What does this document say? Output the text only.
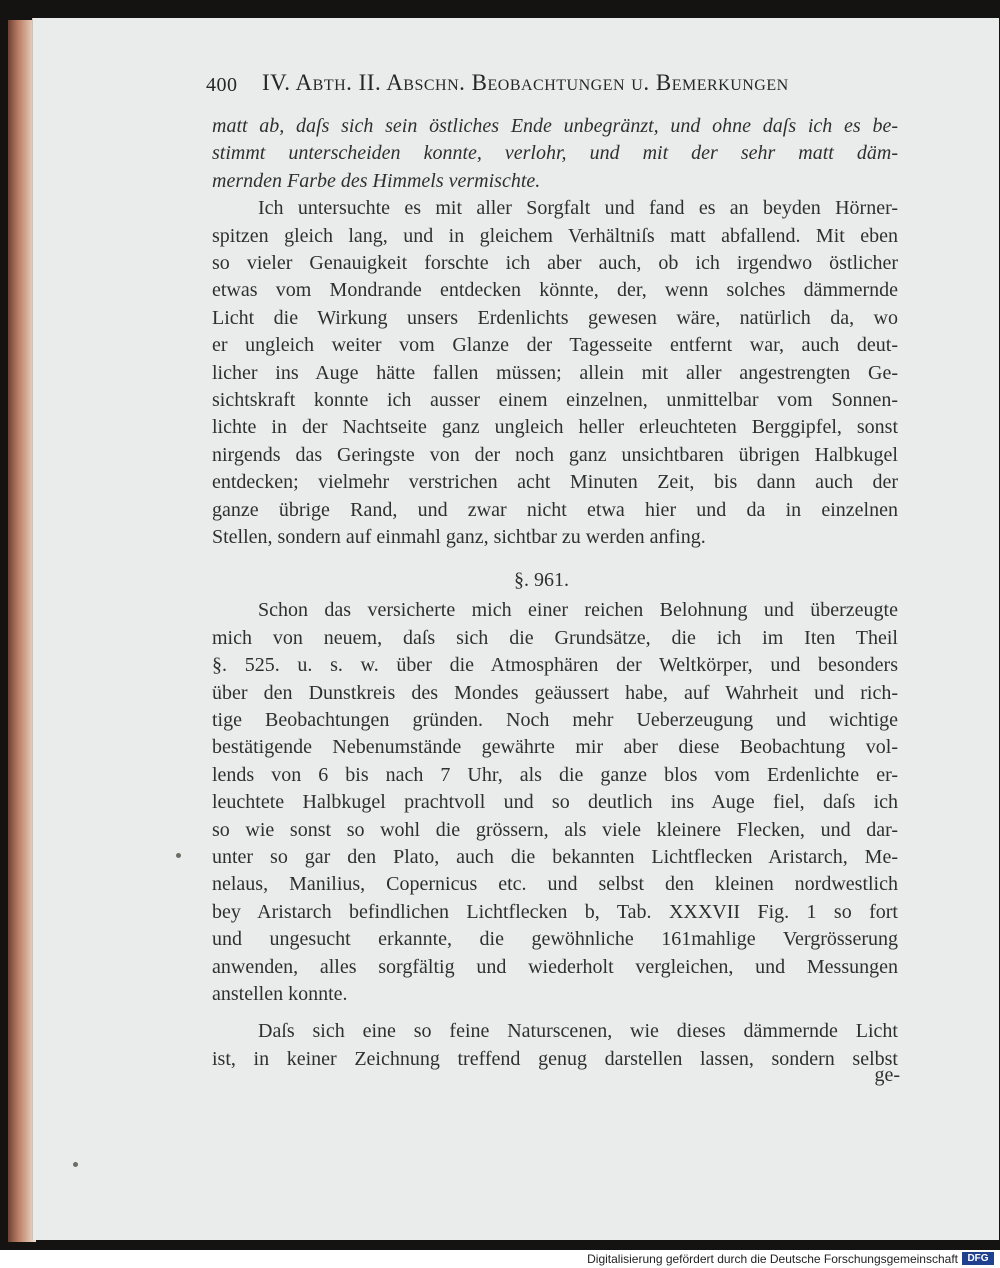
400 IV. Abth. II. Abschn. Beobachtungen u. Bemerkungen
matt ab, daſs sich sein östliches Ende unbegränzt, und ohne daſs ich es be-
stimmt unterscheiden konnte, verlohr, und mit der sehr matt däm-
mernden Farbe des Himmels vermischte.
Ich untersuchte es mit aller Sorgfalt und fand es an beyden Hörner-
spitzen gleich lang, und in gleichem Verhältniſs matt abfallend. Mit eben
so vieler Genauigkeit forschte ich aber auch, ob ich irgendwo östlicher
etwas vom Mondrande entdecken könnte, der, wenn solches dämmernde
Licht die Wirkung unsers Erdenlichts gewesen wäre, natürlich da, wo
er ungleich weiter vom Glanze der Tagesseite entfernt war, auch deut-
licher ins Auge hätte fallen müssen; allein mit aller angestrengten Ge-
sichtskraft konnte ich ausser einem einzelnen, unmittelbar vom Sonnen-
lichte in der Nachtseite ganz ungleich heller erleuchteten Berggipfel, sonst
nirgends das Geringste von der noch ganz unsichtbaren übrigen Halbkugel
entdecken; vielmehr verstrichen acht Minuten Zeit, bis dann auch der
ganze übrige Rand, und zwar nicht etwa hier und da in einzelnen
Stellen, sondern auf einmahl ganz, sichtbar zu werden anfing.
Schon das versicherte mich einer reichen Belohnung und überzeugte
mich von neuem, daſs sich die Grundsätze, die ich im Iten Theil
§. 525. u. s. w. über die Atmosphären der Weltkörper, und besonders
über den Dunstkreis des Mondes geäussert habe, auf Wahrheit und rich-
tige Beobachtungen gründen. Noch mehr Ueberzeugung und wichtige
bestätigende Nebenumstände gewährte mir aber diese Beobachtung vol-
lends von 6 bis nach 7 Uhr, als die ganze blos vom Erdenlichte er-
leuchtete Halbkugel prachtvoll und so deutlich ins Auge fiel, daſs ich
so wie sonst so wohl die grössern, als viele kleinere Flecken, und dar-
unter so gar den Plato, auch die bekannten Lichtflecken Aristarch, Me-
nelaus, Manilius, Copernicus etc. und selbst den kleinen nordwestlich
bey Aristarch befindlichen Lichtflecken b, Tab. XXXVII Fig. 1 so fort
und ungesucht erkannte, die gewöhnliche 161mahlige Vergrösserung
anwenden, alles sorgfältig und wiederholt vergleichen, und Messungen
anstellen konnte.
Daſs sich eine so feine Naturscenen, wie dieses dämmernde Licht
ist, in keiner Zeichnung treffend genug darstellen lassen, sondern selbst
§. 961.
ge-
Digitalisierung gefördert durch die Deutsche Forschungsgemeinschaft DFG
